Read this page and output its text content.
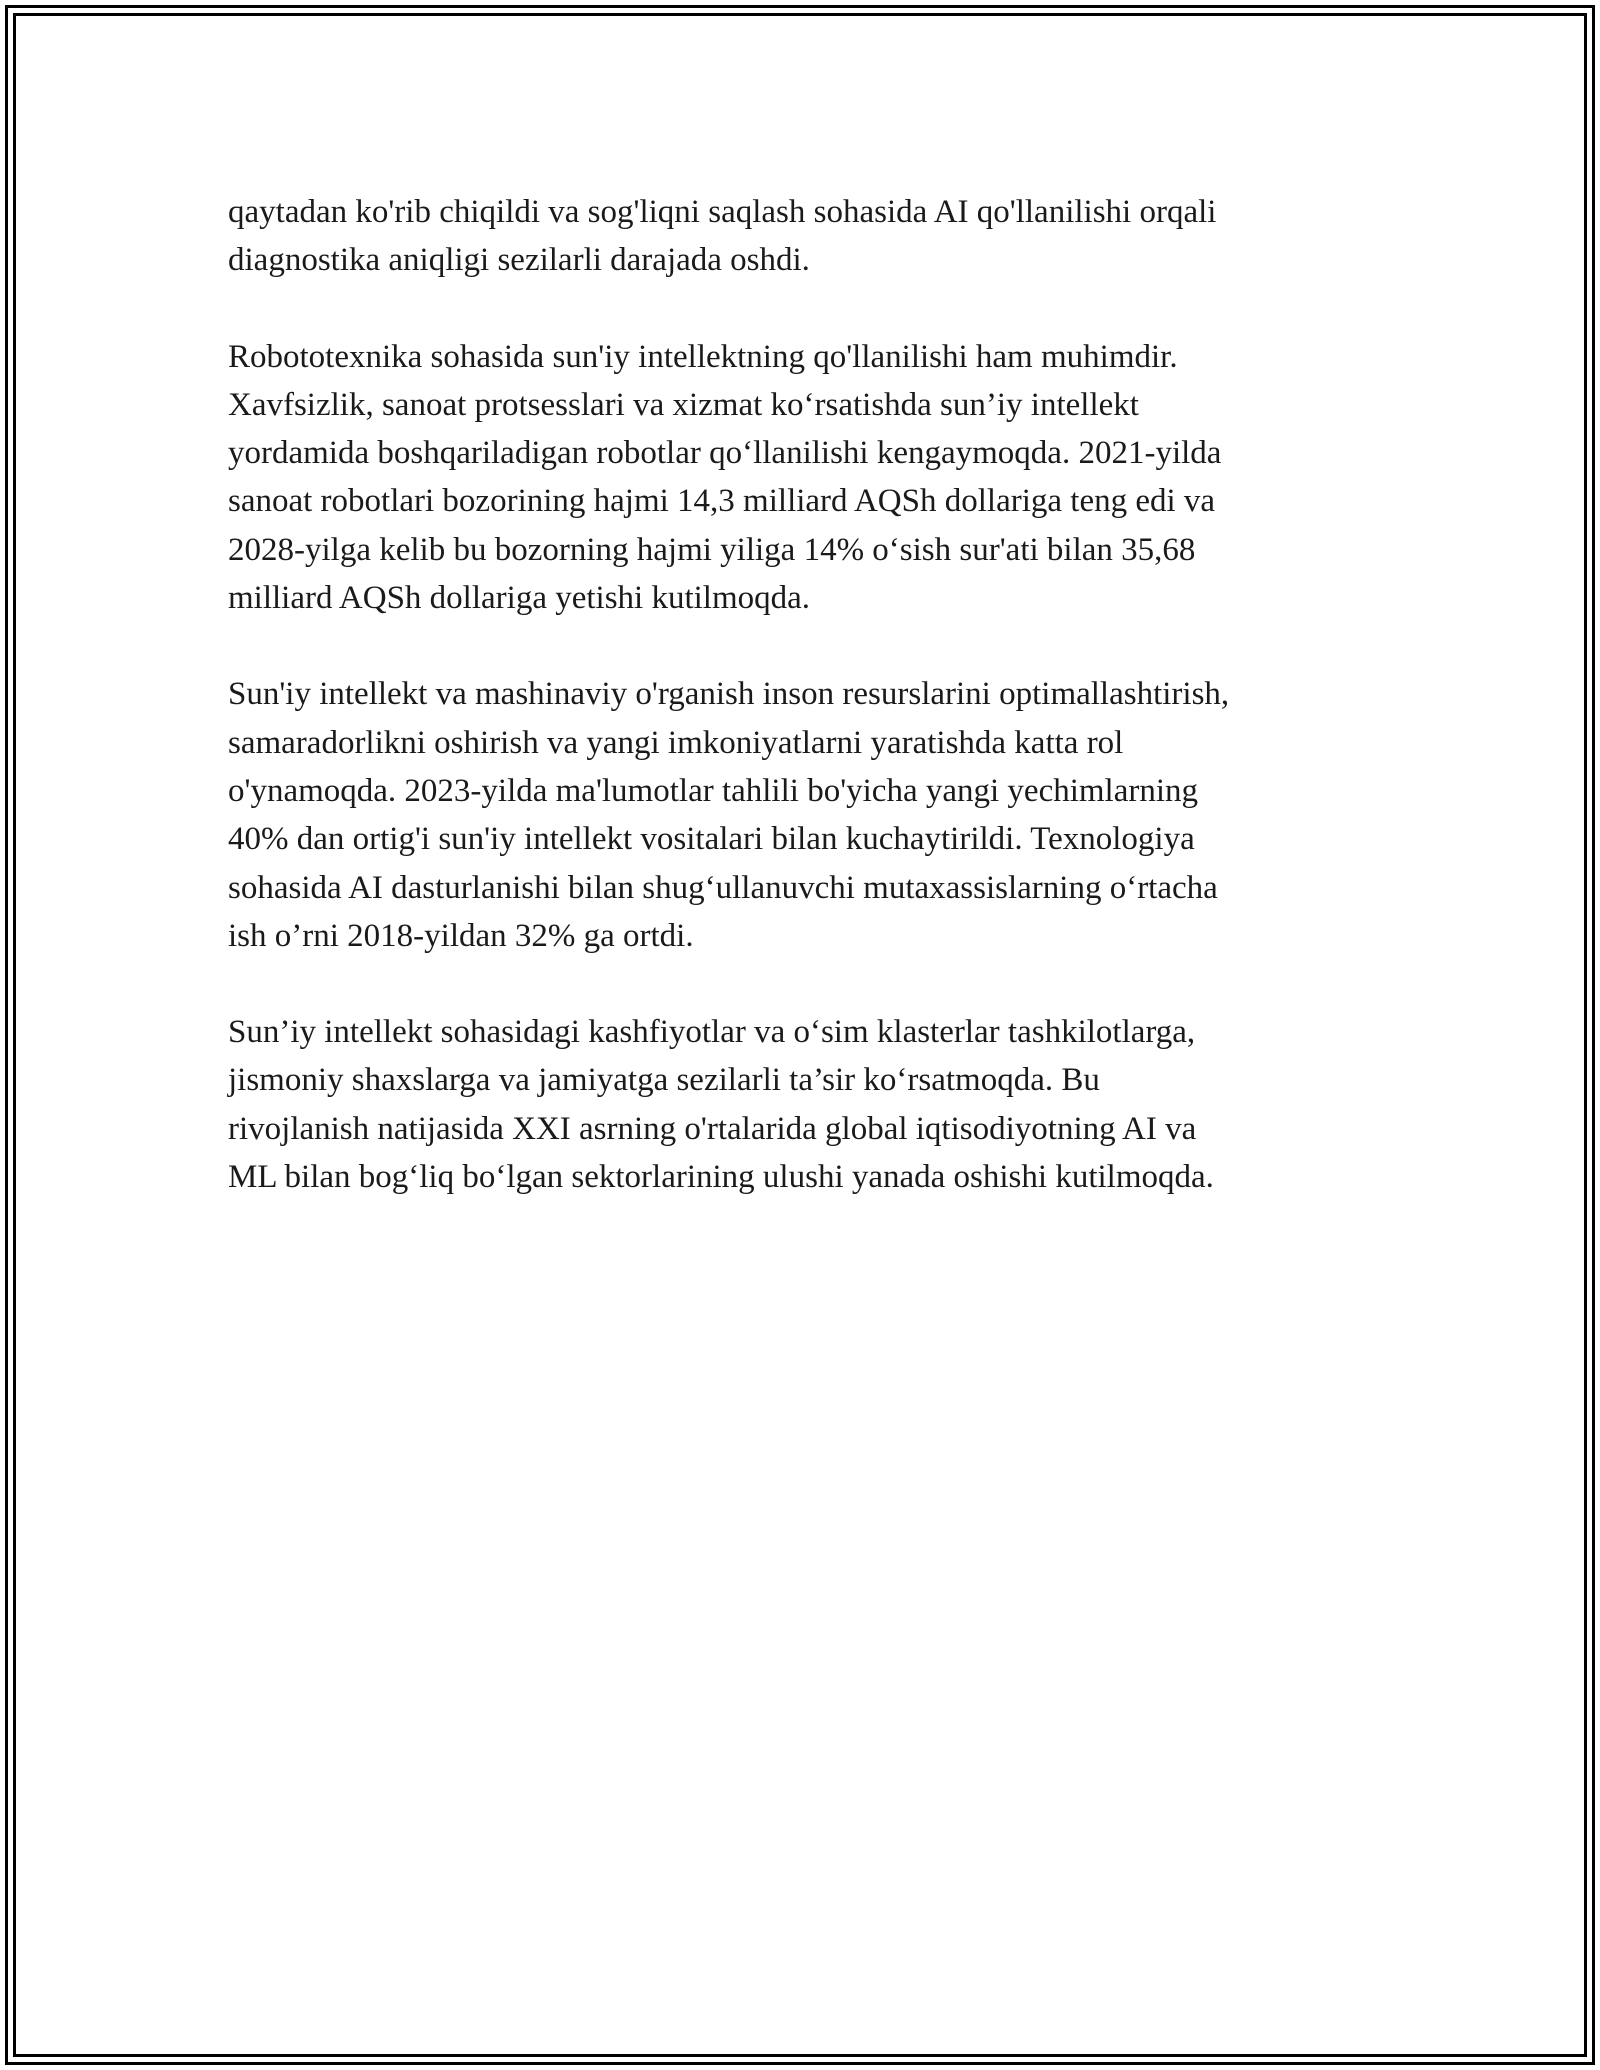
qaytadan ko'rib chiqildi va sog'liqni saqlash sohasida AI qo'llanilishi orqali
diagnostika aniqligi sezilarli darajada oshdi.

Robototexnika sohasida sun'iy intellektning qo'llanilishi ham muhimdir.
Xavfsizlik, sanoat protsesslari va xizmat ko‘rsatishda sun’iy intellekt
yordamida boshqariladigan robotlar qo‘llanilishi kengaymoqda. 2021-yilda
sanoat robotlari bozorining hajmi 14,3 milliard AQSh dollariga teng edi va
2028-yilga kelib bu bozorning hajmi yiliga 14% o‘sish sur'ati bilan 35,68
milliard AQSh dollariga yetishi kutilmoqda.

Sun'iy intellekt va mashinaviy o'rganish inson resurslarini optimallashtirish,
samaradorlikni oshirish va yangi imkoniyatlarni yaratishda katta rol
o'ynamoqda. 2023-yilda ma'lumotlar tahlili bo'yicha yangi yechimlarning
40% dan ortig'i sun'iy intellekt vositalari bilan kuchaytirildi. Texnologiya
sohasida AI dasturlanishi bilan shug‘ullanuvchi mutaxassislarning o‘rtacha
ish o’rni 2018-yildan 32% ga ortdi.

Sun’iy intellekt sohasidagi kashfiyotlar va o‘sim klasterlar tashkilotlarga,
jismoniy shaxslarga va jamiyatga sezilarli ta’sir ko‘rsatmoqda. Bu
rivojlanish natijasida XXI asrning o'rtalarida global iqtisodiyotning AI va
ML bilan bog‘liq bo‘lgan sektorlarining ulushi yanada oshishi kutilmoqda.
